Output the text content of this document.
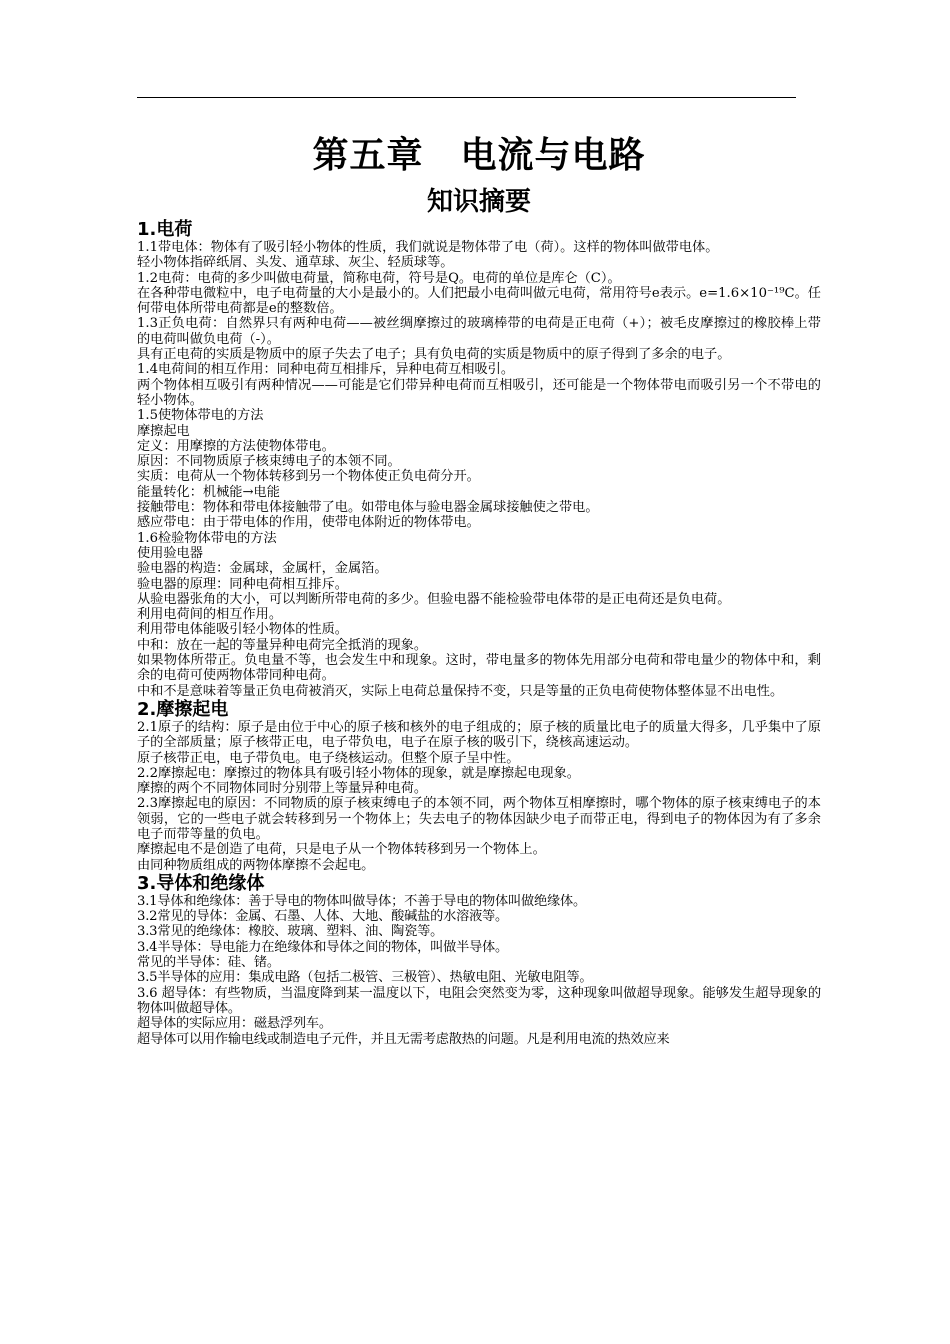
第五章　电流与电路
知识摘要
1.电荷

1.1带电体：物体有了吸引轻小物体的性质，我们就说是物体带了电（荷）。这样的物体叫做带电体。

轻小物体指碎纸屑、头发、通草球、灰尘、轻质球等。

1.2电荷：电荷的多少叫做电荷量，简称电荷，符号是Q。电荷的单位是库仑（C）。

在各种带电微粒中，电子电荷量的大小是最小的。人们把最小电荷叫做元电荷，常用符号e表示。e=1.6×10⁻¹⁹C。任何带电体所带电荷都是e的整数倍。

1.3正负电荷：自然界只有两种电荷——被丝绸摩擦过的玻璃棒带的电荷是正电荷（+）；被毛皮摩擦过的橡胶棒上带的电荷叫做负电荷（-）。

具有正电荷的实质是物质中的原子失去了电子；具有负电荷的实质是物质中的原子得到了多余的电子。

1.4电荷间的相互作用：同种电荷互相排斥，异种电荷互相吸引。

两个物体相互吸引有两种情况——可能是它们带异种电荷而互相吸引，还可能是一个物体带电而吸引另一个不带电的轻小物体。

1.5使物体带电的方法

摩擦起电

定义：用摩擦的方法使物体带电。

原因：不同物质原子核束缚电子的本领不同。

实质：电荷从一个物体转移到另一个物体使正负电荷分开。

能量转化：机械能→电能

接触带电：物体和带电体接触带了电。如带电体与验电器金属球接触使之带电。

感应带电：由于带电体的作用，使带电体附近的物体带电。

1.6检验物体带电的方法

使用验电器

验电器的构造：金属球，金属杆，金属箔。

验电器的原理：同种电荷相互排斥。

从验电器张角的大小，可以判断所带电荷的多少。但验电器不能检验带电体带的是正电荷还是负电荷。

利用电荷间的相互作用。

利用带电体能吸引轻小物体的性质。

中和：放在一起的等量异种电荷完全抵消的现象。

如果物体所带正。负电量不等，也会发生中和现象。这时，带电量多的物体先用部分电荷和带电量少的物体中和，剩余的电荷可使两物体带同种电荷。

中和不是意味着等量正负电荷被消灭，实际上电荷总量保持不变，只是等量的正负电荷使物体整体显不出电性。

2.摩擦起电

2.1原子的结构：原子是由位于中心的原子核和核外的电子组成的；原子核的质量比电子的质量大得多，几乎集中了原子的全部质量；原子核带正电，电子带负电，电子在原子核的吸引下，绕核高速运动。

原子核带正电，电子带负电。电子绕核运动。但整个原子呈中性。

2.2摩擦起电：摩擦过的物体具有吸引轻小物体的现象，就是摩擦起电现象。

摩擦的两个不同物体同时分别带上等量异种电荷。

2.3摩擦起电的原因：不同物质的原子核束缚电子的本领不同，两个物体互相摩擦时，哪个物体的原子核束缚电子的本领弱，它的一些电子就会转移到另一个物体上；失去电子的物体因缺少电子而带正电，得到电子的物体因为有了多余电子而带等量的负电。

摩擦起电不是创造了电荷，只是电子从一个物体转移到另一个物体上。

由同种物质组成的两物体摩擦不会起电。

3.导体和绝缘体

3.1导体和绝缘体：善于导电的物体叫做导体；不善于导电的物体叫做绝缘体。

3.2常见的导体：金属、石墨、人体、大地、酸碱盐的水溶液等。

3.3常见的绝缘体：橡胶、玻璃、塑料、油、陶瓷等。

3.4半导体：导电能力在绝缘体和导体之间的物体，叫做半导体。

常见的半导体：硅、锗。

3.5半导体的应用：集成电路（包括二极管、三极管）、热敏电阻、光敏电阻等。

3.6 超导体：有些物质，当温度降到某一温度以下，电阻会突然变为零，这种现象叫做超导现象。能够发生超导现象的物体叫做超导体。

超导体的实际应用：磁悬浮列车。

超导体可以用作输电线或制造电子元件，并且无需考虑散热的问题。凡是利用电流的热效应来
